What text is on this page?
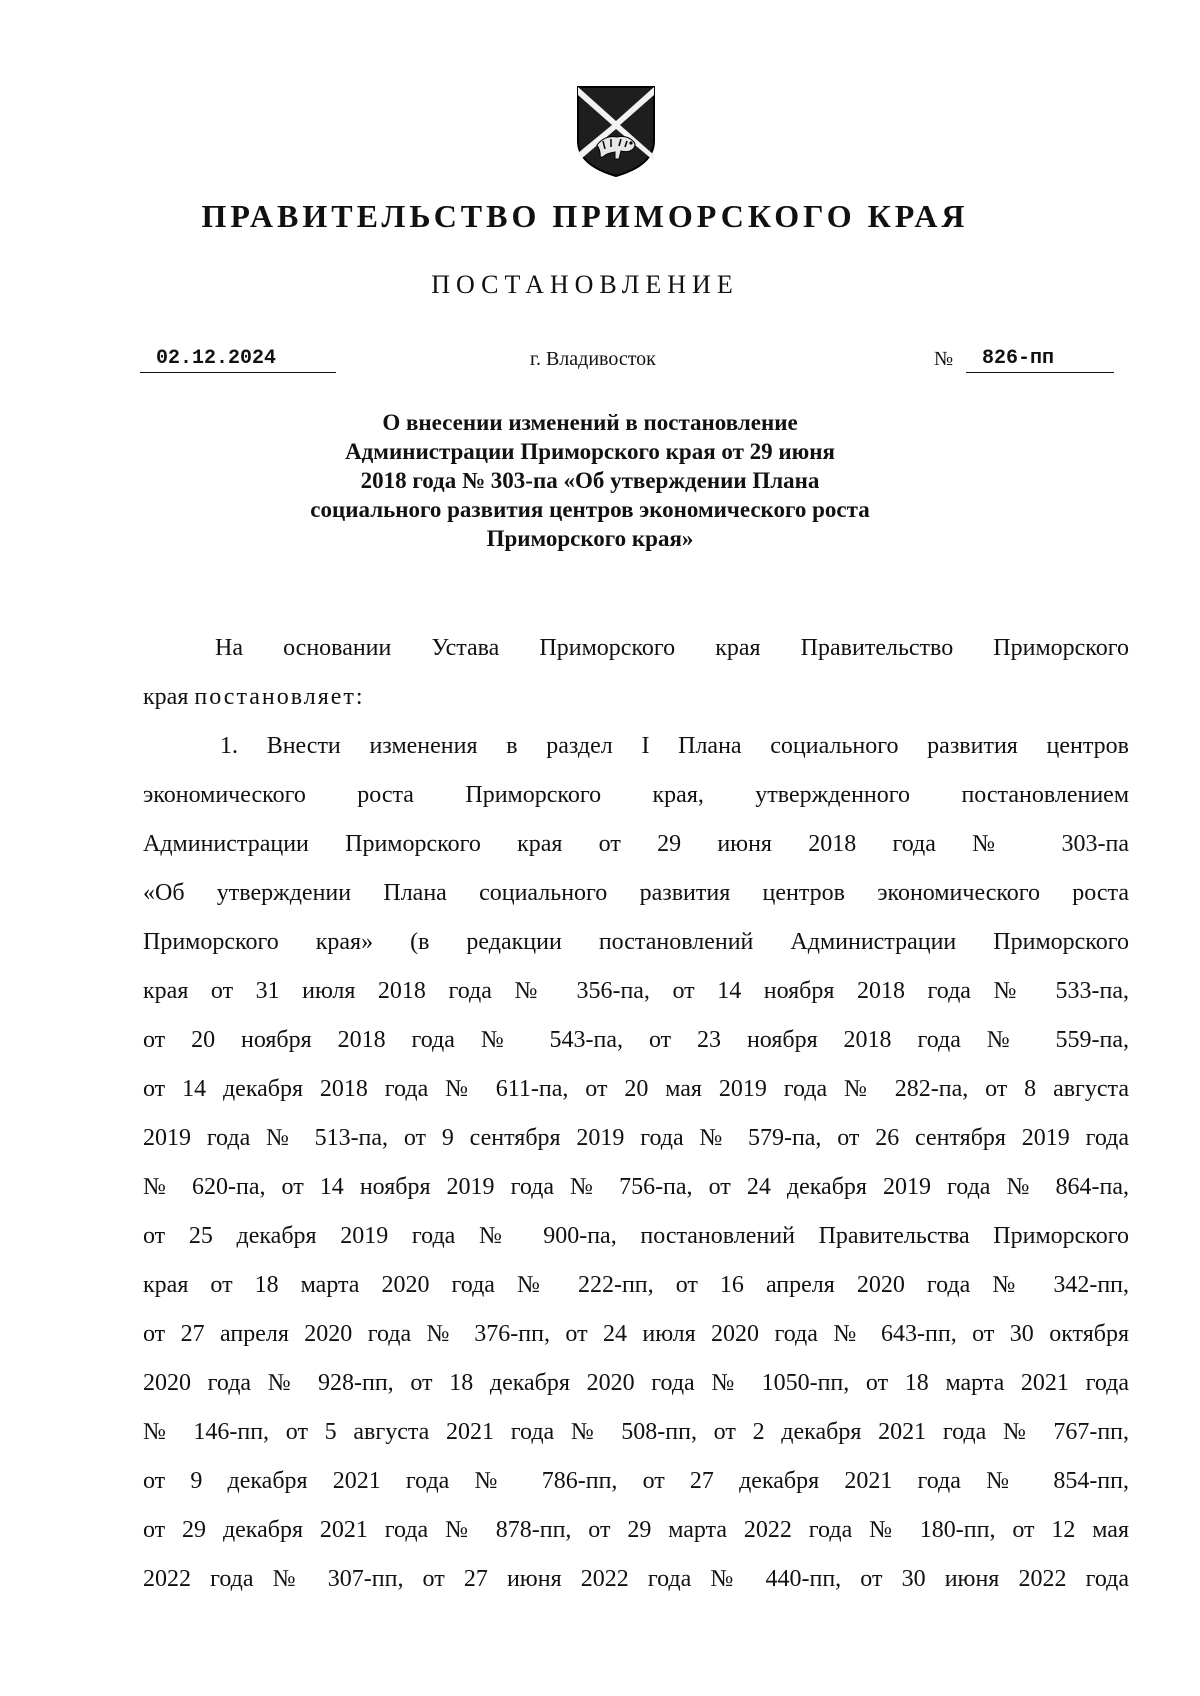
ПРАВИТЕЛЬСТВО ПРИМОРСКОГО КРАЯ
ПОСТАНОВЛЕНИЕ
02.12.2024	г. Владивосток	№	826-пп
О внесении изменений в постановление
Администрации Приморского края от 29 июня
2018 года № 303-па «Об утверждении Плана
социального развития центров экономического роста
Приморского края»
На основании Устава Приморского края Правительство Приморского
края постановляет:
1. Внести изменения в раздел I Плана социального развития центров
экономического роста Приморского края, утвержденного постановлением
Администрации Приморского края от 29 июня 2018 года № 303-па
«Об утверждении Плана социального развития центров экономического роста
Приморского края» (в редакции постановлений Администрации Приморского
края от 31 июля 2018 года № 356-па, от 14 ноября 2018 года № 533-па,
от 20 ноября 2018 года № 543-па, от 23 ноября 2018 года № 559-па,
от 14 декабря 2018 года № 611-па, от 20 мая 2019 года № 282-па, от 8 августа
2019 года № 513-па, от 9 сентября 2019 года № 579-па, от 26 сентября 2019 года
№ 620-па, от 14 ноября 2019 года № 756-па, от 24 декабря 2019 года № 864-па,
от 25 декабря 2019 года № 900-па, постановлений Правительства Приморского
края от 18 марта 2020 года № 222-пп, от 16 апреля 2020 года № 342-пп,
от 27 апреля 2020 года № 376-пп, от 24 июля 2020 года № 643-пп, от 30 октября
2020 года № 928-пп, от 18 декабря 2020 года № 1050-пп, от 18 марта 2021 года
№ 146-пп, от 5 августа 2021 года № 508-пп, от 2 декабря 2021 года № 767-пп,
от 9 декабря 2021 года № 786-пп, от 27 декабря 2021 года № 854-пп,
от 29 декабря 2021 года № 878-пп, от 29 марта 2022 года № 180-пп, от 12 мая
2022 года № 307-пп, от 27 июня 2022 года № 440-пп, от 30 июня 2022 года
